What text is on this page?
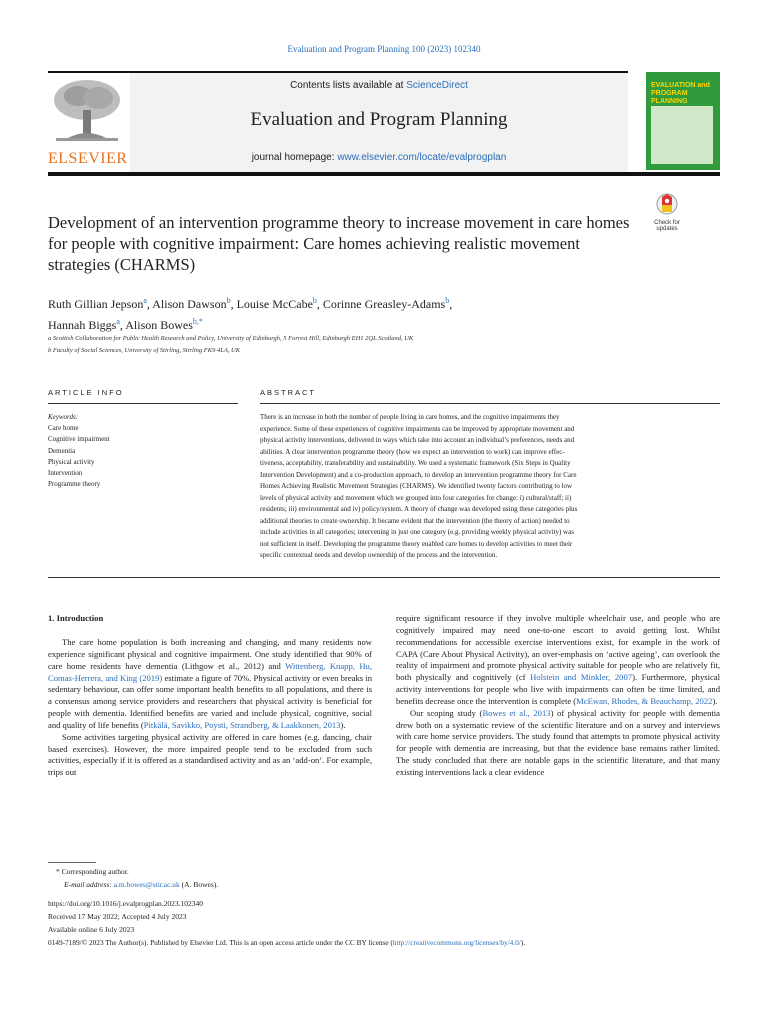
Evaluation and Program Planning 100 (2023) 102340
ELSEVIER
Contents lists available at ScienceDirect
Evaluation and Program Planning
journal homepage: www.elsevier.com/locate/evalprogplan
EVALUATION and PROGRAM PLANNING
Check for updates
Development of an intervention programme theory to increase movement in care homes for people with cognitive impairment: Care homes achieving realistic movement strategies (CHARMS)
Ruth Gillian Jepson$^a$, Alison Dawson$^b$, Louise McCabe$^b$, Corinne Greasley-Adams$^b$,
Hannah Biggs$^a$, Alison Bowes$^{b,*}$
a Scottish Collaboration for Public Health Research and Policy, University of Edinburgh, 5 Forrest Hill, Edinburgh EH1 2QL Scotland, UK
b Faculty of Social Sciences, University of Stirling, Stirling FK9 4LA, UK
ARTICLE INFO	ABSTRACT
Keywords:
Care home
Cognitive impairment
Dementia
Physical activity
Intervention
Programme theory
There is an increase in both the number of people living in care homes, and the cognitive impairments they
experience. Some of these experiences of cognitive impairments can be improved by appropriate movement and
physical activity interventions, delivered in ways which take into account an individual’s preferences, needs and
abilities. A clear intervention programme theory (how we expect an intervention to work) can improve effec-
tiveness, acceptability, transferability and sustainability. We used a systematic framework (Six Steps in Quality
Intervention Development) and a co-production approach, to develop an intervention programme theory for Care
Homes Achieving Realistic Movement Strategies (CHARMS). We identified twenty factors contributing to low
levels of physical activity and movement which we grouped into four categories for change: i) cultural/staff; ii)
residents; iii) environmental and iv) policy/system. A theory of change was developed using these categories plus
additional theories to create ownership. It became evident that the intervention (the theory of action) needed to
include activities in all categories; intervening in just one category (e.g. providing weekly physical activity) was
not sufficient in itself. Developing the programme theory enabled care homes to develop activities to meet their
specific contextual needs and develop ownership of the process and the intervention.
1. Introduction

The care home population is both increasing and changing, and many residents now experience significant physical and cognitive impairment. One study identified that 90% of care home residents have dementia (Lithgow et al., 2012) and Wittenberg, Knapp, Hu, Comas-Herrera, and King (2019) estimate a figure of 70%. Physical activity or even breaks in sedentary behaviour, can offer some important health benefits to all populations, and there is a consensus among service providers and researchers that physical activity is beneficial for people with dementia. Identified benefits are varied and include physical, cognitive, social and quality of life benefits (Pitkälä, Savikko, Poysti, Strandberg, & Laakkonen, 2013).

Some activities targeting physical activity are offered in care homes (e.g. dancing, chair based exercises). However, the more impaired people tend to be excluded from such activities, especially if it is offered as a standardised activity and as an ‘add-on’. For example, trips out

require significant resource if they involve multiple wheelchair use, and people who are cognitively impaired may need one-to-one escort to avoid getting lost. Whilst recommendations for accessible exercise interventions exist, for example in the work of CAPA (Care About Physical Activity), an over-emphasis on ‘active ageing’, can overlook the reality of impairment and promote physical activity suitable for people who are relatively fit, both physically and cognitively (cf Holstein and Minkler, 2007). Furthermore, physical activity interventions for people who live with impairments can often be time limited, and benefits decrease once the intervention is complete (McEwan, Rhodes, & Beauchamp, 2022).

Our scoping study (Bowes et al., 2013) of physical activity for people with dementia drew both on a systematic review of the scientific literature and on a survey and interviews with care home service providers. The study found that attempts to promote physical activity for people with dementia are increasing, but that the evidence base remains rather limited. The study concluded that there are notable gaps in the scientific literature, and that many existing interventions lack a clear evidence

* Corresponding author.
E-mail address: a.m.bowes@stir.ac.uk (A. Bowes).
https://doi.org/10.1016/j.evalprogplan.2023.102340
Received 17 May 2022; Accepted 4 July 2023
Available online 6 July 2023
0149-7189/© 2023 The Author(s). Published by Elsevier Ltd. This is an open access article under the CC BY license (http://creativecommons.org/licenses/by/4.0/).
